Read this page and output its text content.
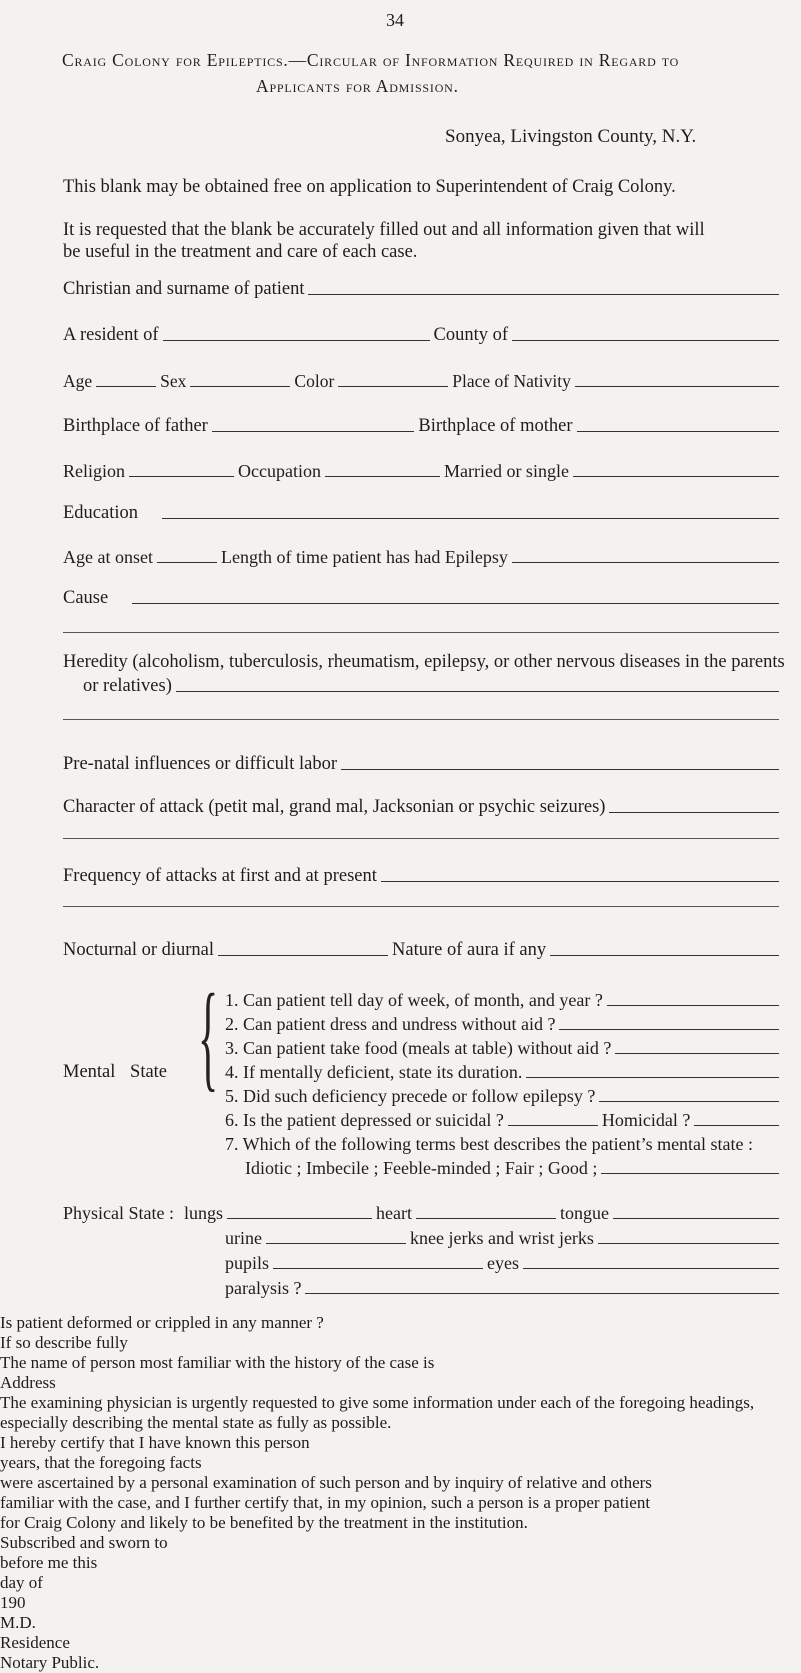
34
Craig Colony for Epileptics.—Circular of Information Required in Regard to
Applicants for Admission.
Sonyea, Livingston County, N.Y.
This blank may be obtained free on application to Superintendent of Craig Colony.
It is requested that the blank be accurately filled out and all information given that will
be useful in the treatment and care of each case.
Christian and surname of patient
A resident of	County of
Age	Sex	Color	Place of Nativity
Birthplace of father	Birthplace of mother
Religion	Occupation	Married or single
Education
Age at onset	Length of time patient has had Epilepsy
Cause
Heredity (alcoholism, tuberculosis, rheumatism, epilepsy, or other nervous diseases in the parents
or relatives)
Pre-natal influences or difficult labor
Character of attack (petit mal, grand mal, Jacksonian or psychic seizures)
Frequency of attacks at first and at present
Nocturnal or diurnal	Nature of aura if any
Mental State { 1. Can patient tell day of week, of month, and year ?
2. Can patient dress and undress without aid ?
3. Can patient take food (meals at table) without aid ?
4. If mentally deficient, state its duration.
5. Did such deficiency precede or follow epilepsy ?
6. Is the patient depressed or suicidal ?	Homicidal ?
7. Which of the following terms best describes the patient’s mental state :
Idiotic ; Imbecile ; Feeble-minded ; Fair ; Good ;
Physical State : lungs	heart	tongue
urine	knee jerks and wrist jerks
pupils	eyes
paralysis ?
Is patient deformed or crippled in any manner ?
If so describe fully
The name of person most familiar with the history of the case is
Address
The examining physician is urgently requested to give some information under each of the foregoing headings, especially describing the mental state as fully as possible.
I hereby certify that I have known this person
years, that the foregoing facts
were ascertained by a personal examination of such person and by inquiry of relative and others
familiar with the case, and I further certify that, in my opinion, such a person is a proper patient
for Craig Colony and likely to be benefited by the treatment in the institution.
Subscribed and sworn to
before me this
day of
190
M.D.
Residence
Notary Public.
